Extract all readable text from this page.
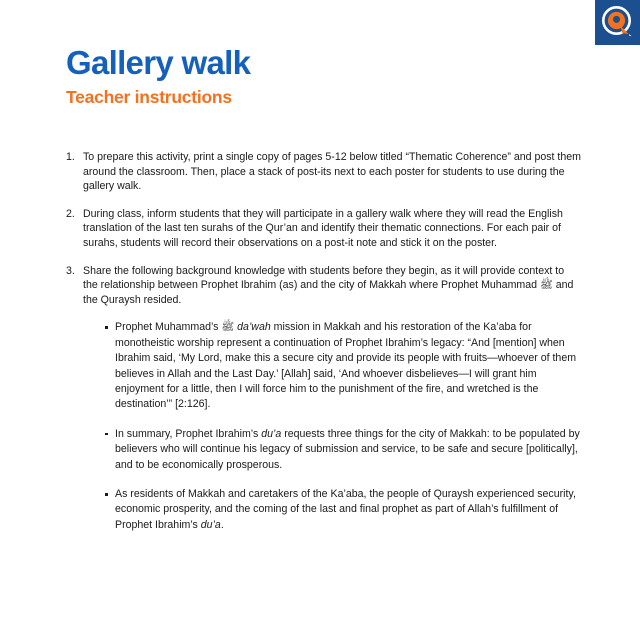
Gallery walk
Teacher instructions
1. To prepare this activity, print a single copy of pages 5-12 below titled “Thematic Coherence” and post them around the classroom. Then, place a stack of post-its next to each poster for students to use during the gallery walk.
2. During class, inform students that they will participate in a gallery walk where they will read the English translation of the last ten surahs of the Qur’an and identify their thematic connections. For each pair of surahs, students will record their observations on a post-it note and stick it on the poster.
3. Share the following background knowledge with students before they begin, as it will provide context to the relationship between Prophet Ibrahim (as) and the city of Makkah where Prophet Muhammad ﷺ and the Quraysh resided.
Prophet Muhammad’s ﷺ da’wah mission in Makkah and his restoration of the Ka’aba for monotheistic worship represent a continuation of Prophet Ibrahim’s legacy: “And [mention] when Ibrahim said, ‘My Lord, make this a secure city and provide its people with fruits—whoever of them believes in Allah and the Last Day.’ [Allah] said, ‘And whoever disbelieves—I will grant him enjoyment for a little, then I will force him to the punishment of the fire, and wretched is the destination’” [2:126].
In summary, Prophet Ibrahim’s du’a requests three things for the city of Makkah: to be populated by believers who will continue his legacy of submission and service, to be safe and secure [politically], and to be economically prosperous.
As residents of Makkah and caretakers of the Ka’aba, the people of Quraysh experienced security, economic prosperity, and the coming of the last and final prophet as part of Allah’s fulfillment of Prophet Ibrahim’s du’a.
